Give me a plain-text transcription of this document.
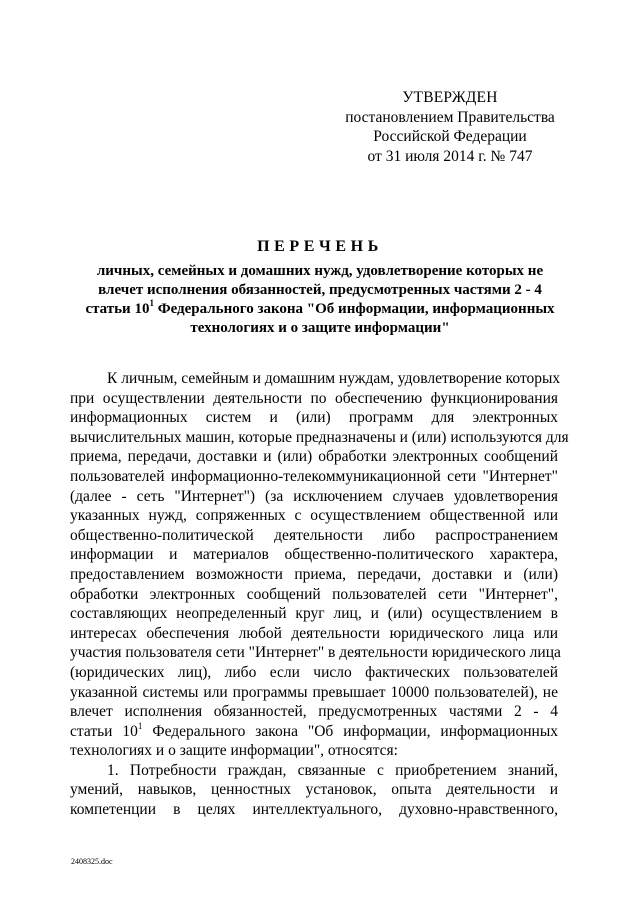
УТВЕРЖДЕН
постановлением Правительства
Российской Федерации
от 31 июля 2014 г. № 747
ПЕРЕЧЕНЬ
личных, семейных и домашних нужд, удовлетворение которых не
влечет исполнения обязанностей, предусмотренных частями 2 - 4
статьи $10^1$ Федерального закона "Об информации, информационных
технологиях и о защите информации"
К личным, семейным и домашним нуждам, удовлетворение которых
при осуществлении деятельности по обеспечению функционирования
информационных систем и (или) программ для электронных
вычислительных машин, которые предназначены и (или) используются для
приема, передачи, доставки и (или) обработки электронных сообщений
пользователей информационно-телекоммуникационной сети "Интернет"
(далее - сеть "Интернет") (за исключением случаев удовлетворения
указанных нужд, сопряженных с осуществлением общественной или
общественно-политической деятельности либо распространением
информации и материалов общественно-политического характера,
предоставлением возможности приема, передачи, доставки и (или)
обработки электронных сообщений пользователей сети "Интернет",
составляющих неопределенный круг лиц, и (или) осуществлением в
интересах обеспечения любой деятельности юридического лица или
участия пользователя сети "Интернет" в деятельности юридического лица
(юридических лиц), либо если число фактических пользователей
указанной системы или программы превышает 10000 пользователей), не
влечет исполнения обязанностей, предусмотренных частями 2 - 4
статьи $10^1$ Федерального закона "Об информации, информационных
технологиях и о защите информации", относятся:
1. Потребности граждан, связанные с приобретением знаний,
умений, навыков, ценностных установок, опыта деятельности и
компетенции в целях интеллектуального, духовно-нравственного,
2408325.doc
